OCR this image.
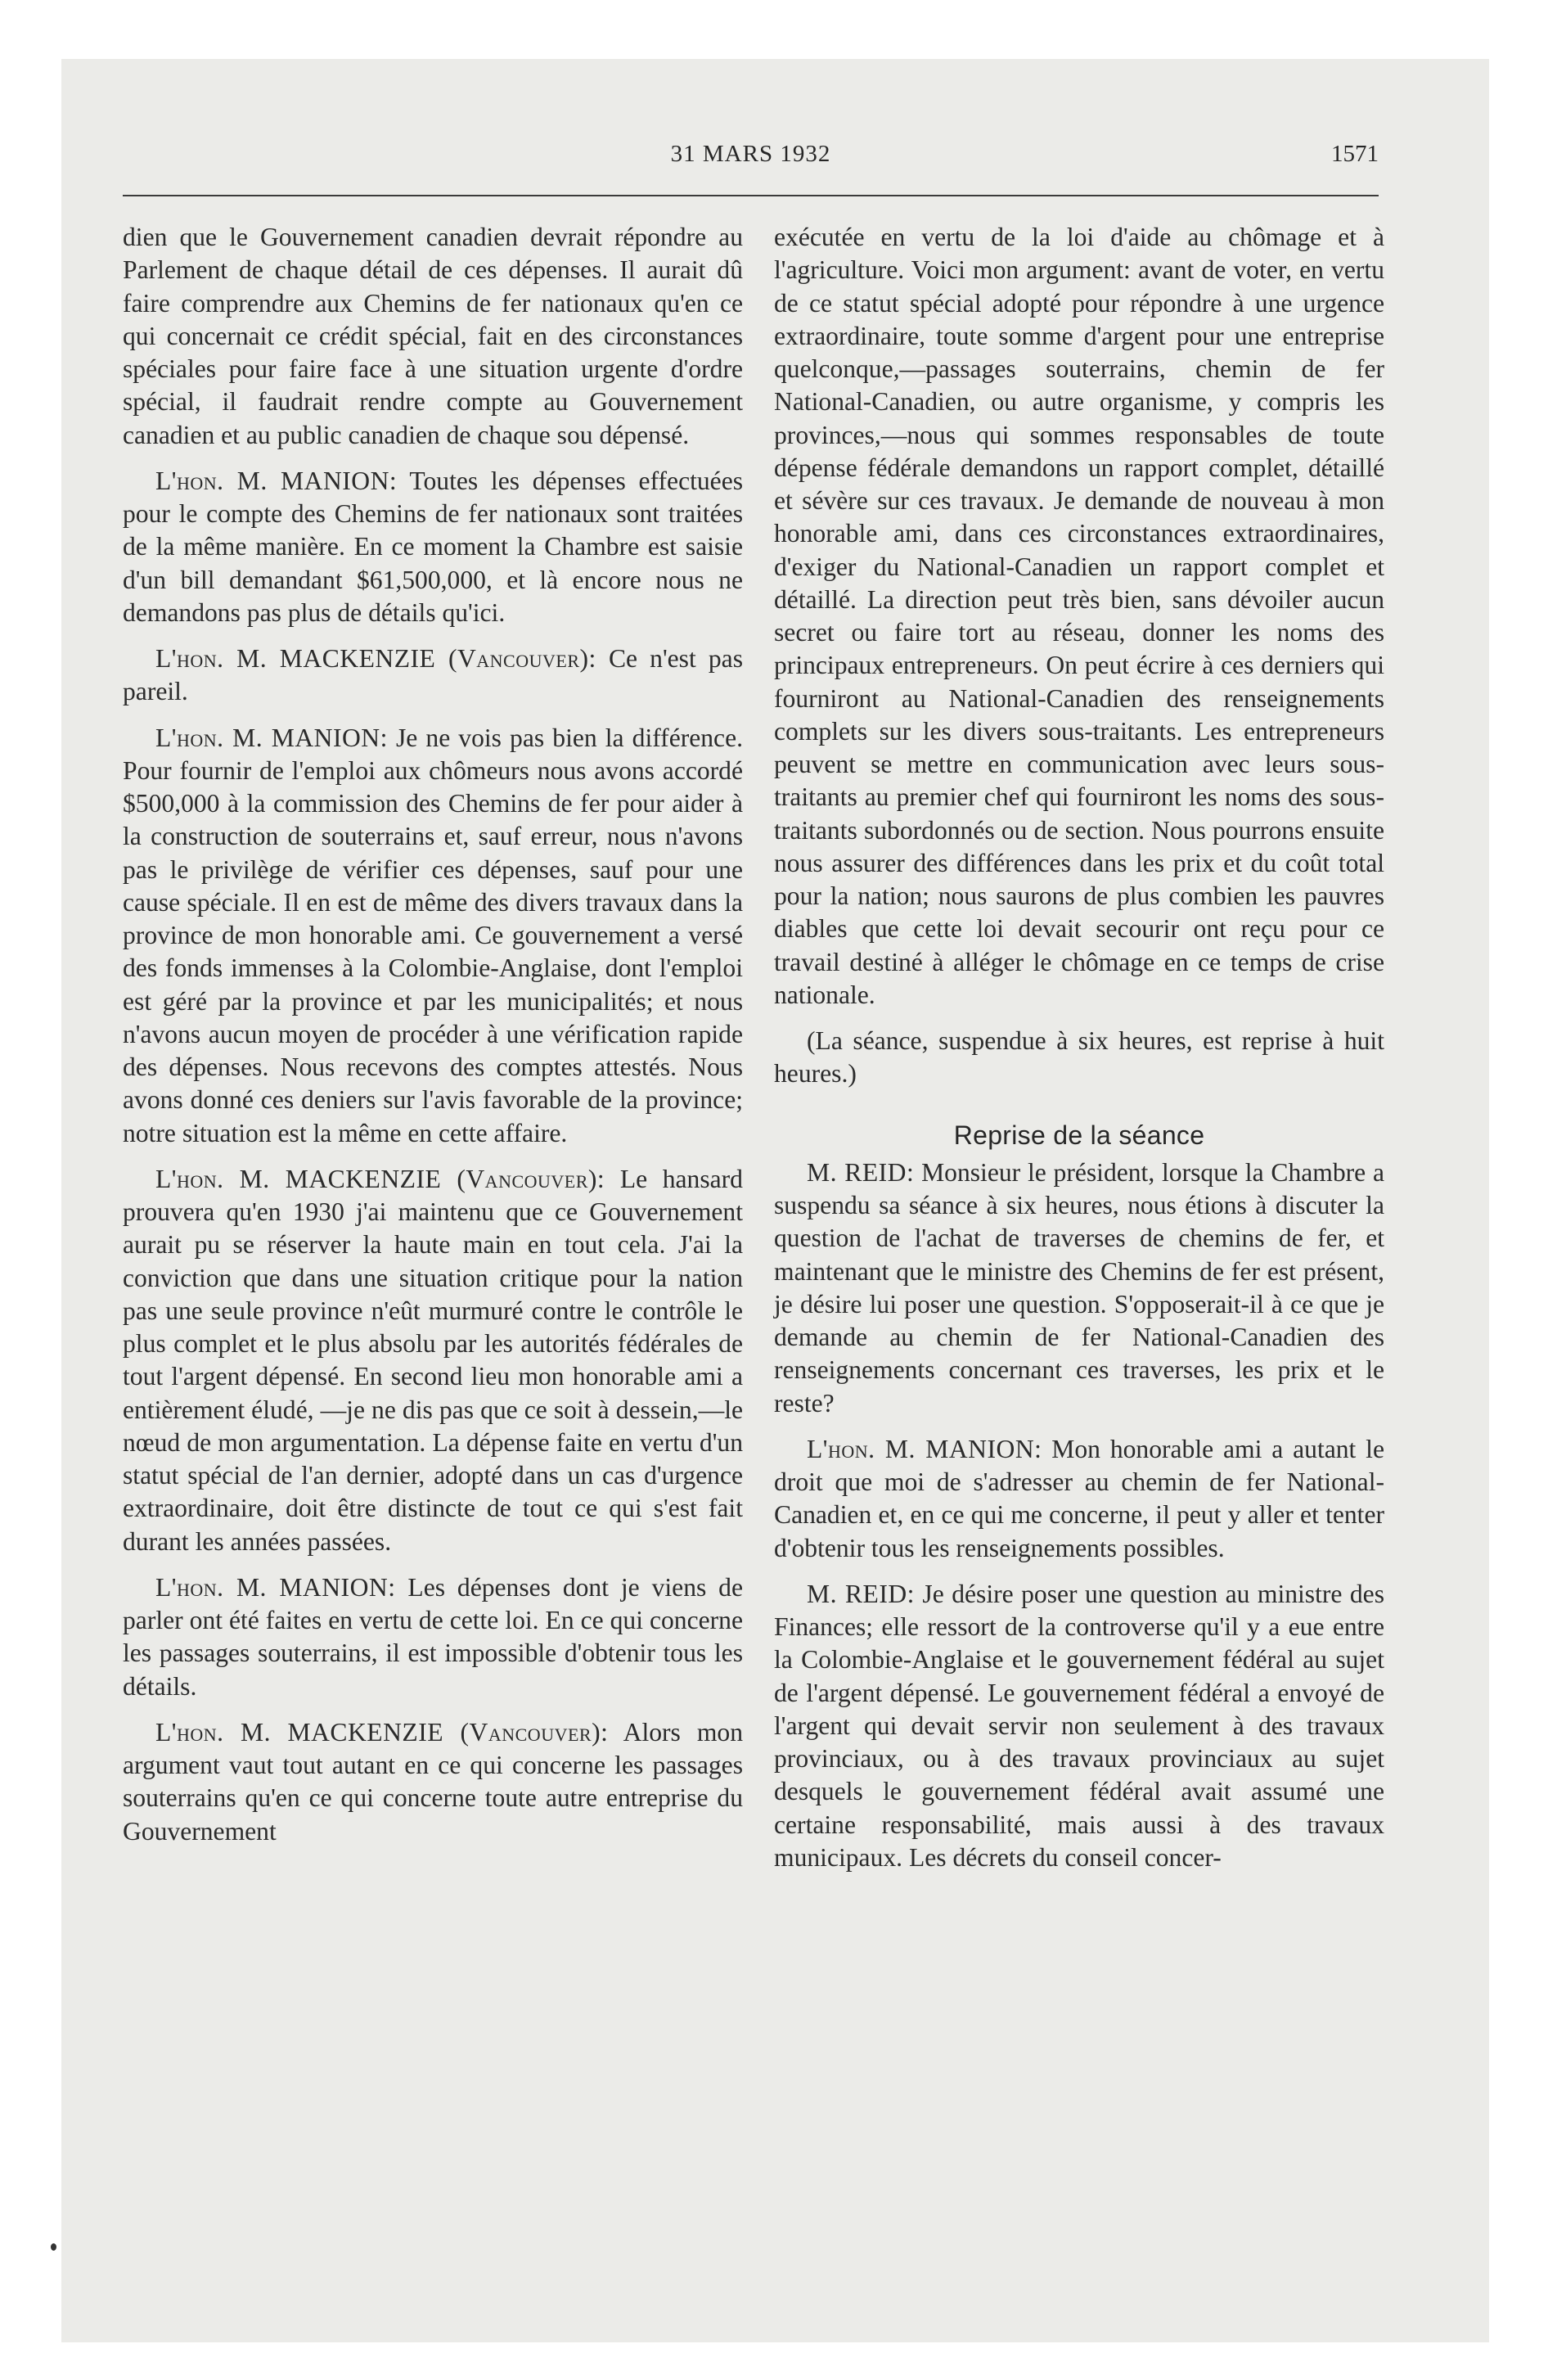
31 MARS 1932	1571

dien que le Gouvernement canadien devrait répondre au Parlement de chaque détail de ces dépenses. Il aurait dû faire comprendre aux Chemins de fer nationaux qu'en ce qui concernait ce crédit spécial, fait en des circonstances spéciales pour faire face à une situation urgente d'ordre spécial, il faudrait rendre compte au Gouvernement canadien et au public canadien de chaque sou dépensé.

L'hon. M. MANION: Toutes les dépenses effectuées pour le compte des Chemins de fer nationaux sont traitées de la même manière. En ce moment la Chambre est saisie d'un bill demandant $61,500,000, et là encore nous ne demandons pas plus de détails qu'ici.

L'hon. M. MACKENZIE (Vancouver): Ce n'est pas pareil.

L'hon. M. MANION: Je ne vois pas bien la différence. Pour fournir de l'emploi aux chômeurs nous avons accordé $500,000 à la commission des Chemins de fer pour aider à la construction de souterrains et, sauf erreur, nous n'avons pas le privilège de vérifier ces dépenses, sauf pour une cause spéciale. Il en est de même des divers travaux dans la province de mon honorable ami. Ce gouvernement a versé des fonds immenses à la Colombie-Anglaise, dont l'emploi est géré par la province et par les municipalités; et nous n'avons aucun moyen de procéder à une vérification rapide des dépenses. Nous recevons des comptes attestés. Nous avons donné ces deniers sur l'avis favorable de la province; notre situation est la même en cette affaire.

L'hon. M. MACKENZIE (Vancouver): Le hansard prouvera qu'en 1930 j'ai maintenu que ce Gouvernement aurait pu se réserver la haute main en tout cela. J'ai la conviction que dans une situation critique pour la nation pas une seule province n'eût murmuré contre le contrôle le plus complet et le plus absolu par les autorités fédérales de tout l'argent dépensé. En second lieu mon honorable ami a entièrement éludé, —je ne dis pas que ce soit à dessein,—le nœud de mon argumentation. La dépense faite en vertu d'un statut spécial de l'an dernier, adopté dans un cas d'urgence extraordinaire, doit être distincte de tout ce qui s'est fait durant les années passées.

L'hon. M. MANION: Les dépenses dont je viens de parler ont été faites en vertu de cette loi. En ce qui concerne les passages souterrains, il est impossible d'obtenir tous les détails.

L'hon. M. MACKENZIE (Vancouver): Alors mon argument vaut tout autant en ce qui concerne les passages souterrains qu'en ce qui concerne toute autre entreprise du Gouvernement

exécutée en vertu de la loi d'aide au chômage et à l'agriculture. Voici mon argument: avant de voter, en vertu de ce statut spécial adopté pour répondre à une urgence extraordinaire, toute somme d'argent pour une entreprise quelconque,—passages souterrains, chemin de fer National-Canadien, ou autre organisme, y compris les provinces,—nous qui sommes responsables de toute dépense fédérale demandons un rapport complet, détaillé et sévère sur ces travaux. Je demande de nouveau à mon honorable ami, dans ces circonstances extraordinaires, d'exiger du National-Canadien un rapport complet et détaillé. La direction peut très bien, sans dévoiler aucun secret ou faire tort au réseau, donner les noms des principaux entrepreneurs. On peut écrire à ces derniers qui fourniront au National-Canadien des renseignements complets sur les divers sous-traitants. Les entrepreneurs peuvent se mettre en communication avec leurs sous-traitants au premier chef qui fourniront les noms des sous-traitants subordonnés ou de section. Nous pourrons ensuite nous assurer des différences dans les prix et du coût total pour la nation; nous saurons de plus combien les pauvres diables que cette loi devait secourir ont reçu pour ce travail destiné à alléger le chômage en ce temps de crise nationale.

(La séance, suspendue à six heures, est reprise à huit heures.)

Reprise de la séance

M. REID: Monsieur le président, lorsque la Chambre a suspendu sa séance à six heures, nous étions à discuter la question de l'achat de traverses de chemins de fer, et maintenant que le ministre des Chemins de fer est présent, je désire lui poser une question. S'opposerait-il à ce que je demande au chemin de fer National-Canadien des renseignements concernant ces traverses, les prix et le reste?

L'hon. M. MANION: Mon honorable ami a autant le droit que moi de s'adresser au chemin de fer National-Canadien et, en ce qui me concerne, il peut y aller et tenter d'obtenir tous les renseignements possibles.

M. REID: Je désire poser une question au ministre des Finances; elle ressort de la controverse qu'il y a eue entre la Colombie-Anglaise et le gouvernement fédéral au sujet de l'argent dépensé. Le gouvernement fédéral a envoyé de l'argent qui devait servir non seulement à des travaux provinciaux, ou à des travaux provinciaux au sujet desquels le gouvernement fédéral avait assumé une certaine responsabilité, mais aussi à des travaux municipaux. Les décrets du conseil concer-
